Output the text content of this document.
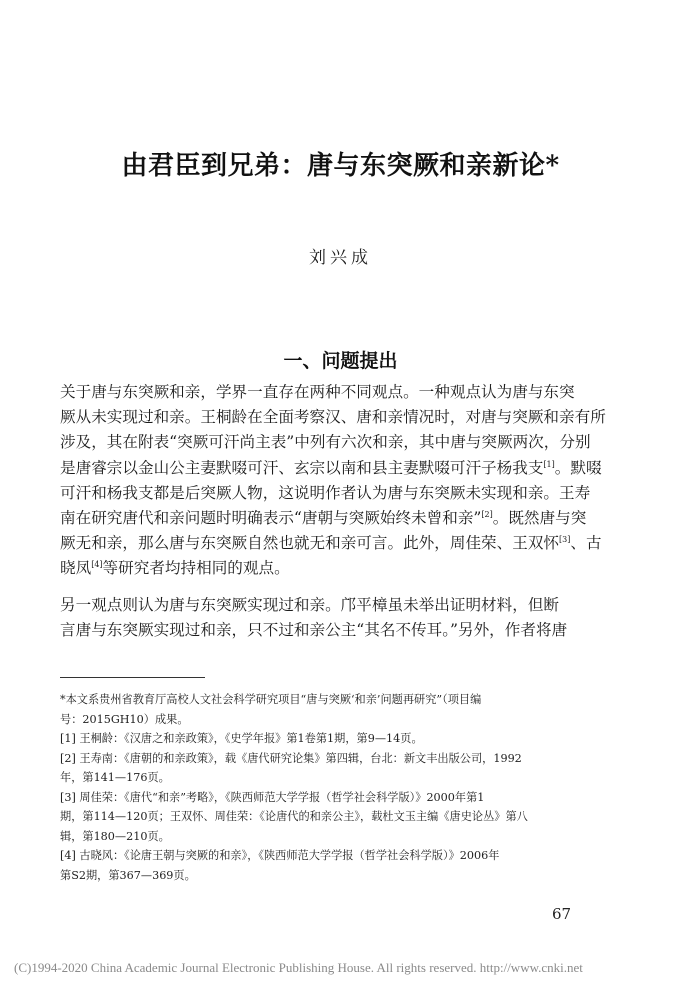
由君臣到兄弟：唐与东突厥和亲新论*
刘兴成
一、问题提出
关于唐与东突厥和亲，学界一直存在两种不同观点。一种观点认为唐与东突
厥从未实现过和亲。王桐龄在全面考察汉、唐和亲情况时，对唐与突厥和亲有所
涉及，其在附表“突厥可汗尚主表”中列有六次和亲，其中唐与突厥两次，分别
是唐睿宗以金山公主妻默啜可汗、玄宗以南和县主妻默啜可汗子杨我支[1]。默啜
可汗和杨我支都是后突厥人物，这说明作者认为唐与东突厥未实现和亲。王寿
南在研究唐代和亲问题时明确表示“唐朝与突厥始终未曾和亲”[2]。既然唐与突
厥无和亲，那么唐与东突厥自然也就无和亲可言。此外，周佳荣、王双怀[3]、古
晓凤[4]等研究者均持相同的观点。
另一观点则认为唐与东突厥实现过和亲。邝平樟虽未举出证明材料，但断
言唐与东突厥实现过和亲，只不过和亲公主“其名不传耳。”另外，作者将唐
*本文系贵州省教育厅高校人文社会科学研究项目“唐与突厥‘和亲’问题再研究”（项目编
号：2015GH10）成果。
[1] 王桐龄：《汉唐之和亲政策》，《史学年报》第1卷第1期，第9—14页。
[2] 王寿南：《唐朝的和亲政策》，载《唐代研究论集》第四辑，台北：新文丰出版公司，1992
年，第141—176页。
[3] 周佳荣：《唐代“和亲”考略》，《陕西师范大学学报（哲学社会科学版）》2000年第1
期，第114—120页；王双怀、周佳荣：《论唐代的和亲公主》，载杜文玉主编《唐史论丛》第八
辑，第180—210页。
[4] 古晓风：《论唐王朝与突厥的和亲》，《陕西师范大学学报（哲学社会科学版）》2006年
第S2期，第367—369页。
67
(C)1994-2020 China Academic Journal Electronic Publishing House. All rights reserved. http://www.cnki.net
